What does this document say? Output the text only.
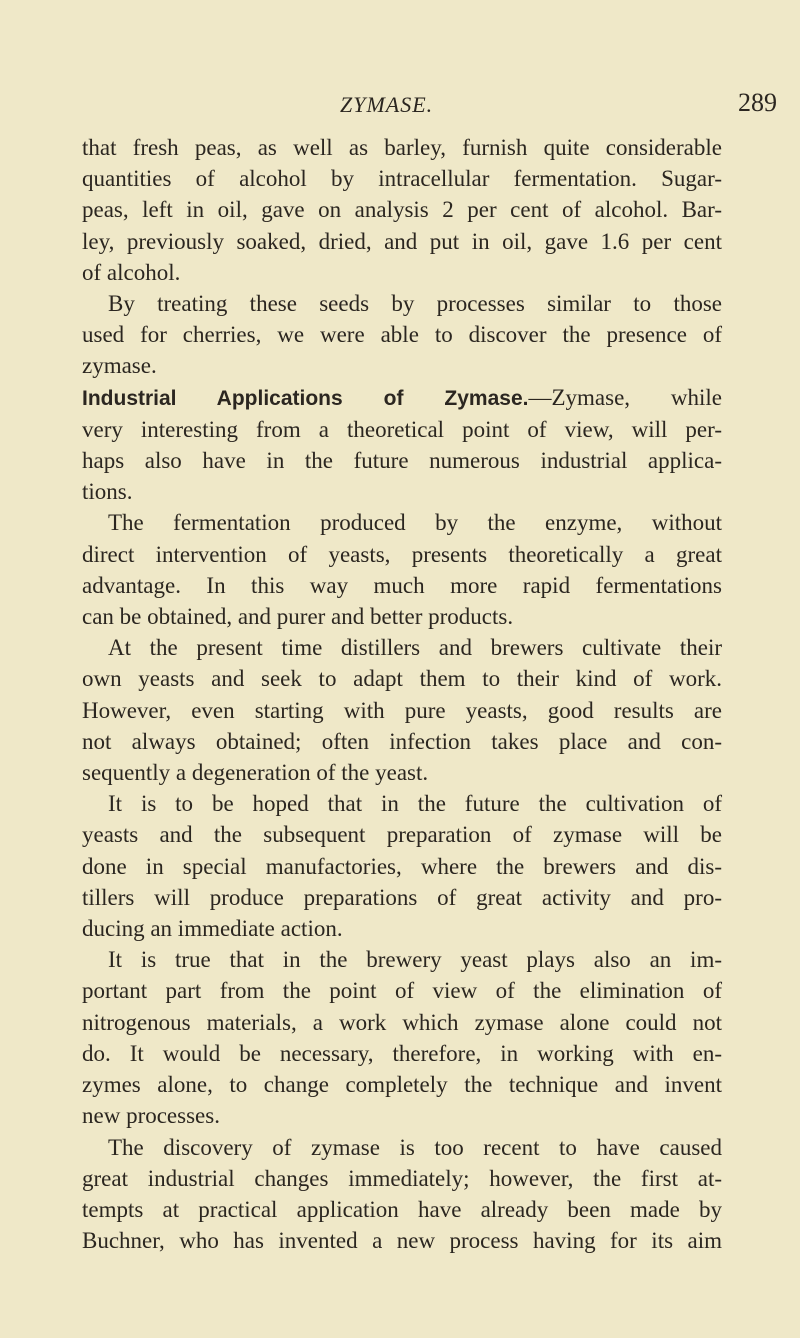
ZYMASE.	289

that fresh peas, as well as barley, furnish quite considerable
quantities of alcohol by intracellular fermentation. Sugar-
peas, left in oil, gave on analysis 2 per cent of alcohol. Bar-
ley, previously soaked, dried, and put in oil, gave 1.6 per cent
of alcohol.

By treating these seeds by processes similar to those
used for cherries, we were able to discover the presence of
zymase.

Industrial Applications of Zymase.—Zymase, while
very interesting from a theoretical point of view, will per-
haps also have in the future numerous industrial applica-
tions.

The fermentation produced by the enzyme, without
direct intervention of yeasts, presents theoretically a great
advantage. In this way much more rapid fermentations
can be obtained, and purer and better products.

At the present time distillers and brewers cultivate their
own yeasts and seek to adapt them to their kind of work.
However, even starting with pure yeasts, good results are
not always obtained; often infection takes place and con-
sequently a degeneration of the yeast.

It is to be hoped that in the future the cultivation of
yeasts and the subsequent preparation of zymase will be
done in special manufactories, where the brewers and dis-
tillers will produce preparations of great activity and pro-
ducing an immediate action.

It is true that in the brewery yeast plays also an im-
portant part from the point of view of the elimination of
nitrogenous materials, a work which zymase alone could not
do. It would be necessary, therefore, in working with en-
zymes alone, to change completely the technique and invent
new processes.

The discovery of zymase is too recent to have caused
great industrial changes immediately; however, the first at-
tempts at practical application have already been made by
Buchner, who has invented a new process having for its aim
